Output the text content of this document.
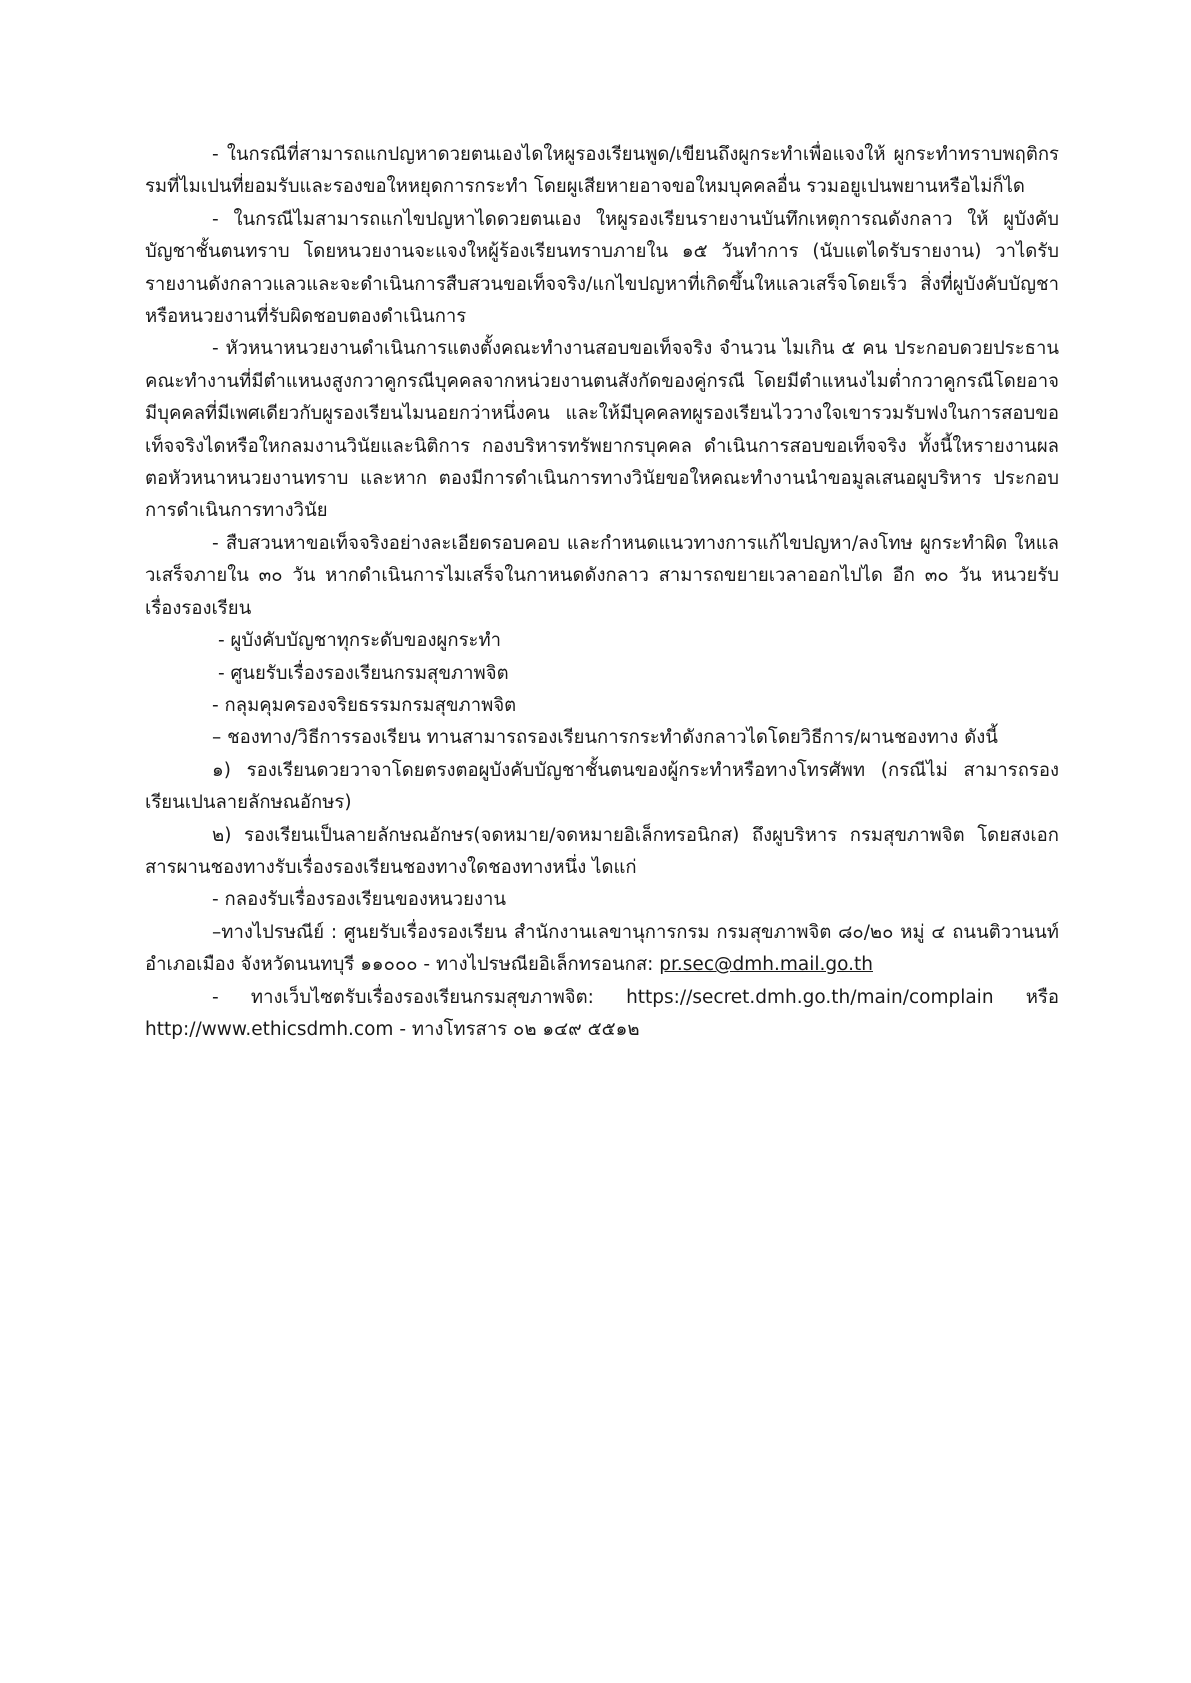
- ในกรณีที่สามารถแกปญหาดวยตนเองไดใหผูรองเรียนพูด/เขียนถึงผูกระทำเพื่อแจงให้ ผูกระทำทราบพฤติกรรมที่ไมเปนที่ยอมรับและรองขอใหหยุดการกระทำ โดยผูเสียหายอาจขอใหมบุคคลอื่น รวมอยูเปนพยานหรือไม่ก็ได

- ในกรณีไมสามารถแกไขปญหาไดดวยตนเอง ใหผูรองเรียนรายงานบันทึกเหตุการณดังกลาว ให้ ผูบังคับบัญชาชั้นตนทราบ โดยหนวยงานจะแจงใหผู้ร้องเรียนทราบภายใน ๑๕ วันทำการ (นับแตไดรับรายงาน) วาไดรับรายงานดังกลาวแลวและจะดำเนินการสืบสวนขอเท็จจริง/แกไขปญหาที่เกิดขึ้นใหแลวเสร็จโดยเร็ว สิ่งที่ผูบังคับบัญชาหรือหนวยงานที่รับผิดชอบตองดำเนินการ

- หัวหนาหนวยงานดำเนินการแตงตั้งคณะทำงานสอบขอเท็จจริง จำนวน ไมเกิน ๕ คน ประกอบดวยประธานคณะทำงานที่มีตำแหนงสูงกวาคูกรณีบุคคลจากหน่วยงานตนสังกัดของคู่กรณี โดยมีตำแหนงไมต่ำกวาคูกรณีโดยอาจมีบุคคลที่มีเพศเดียวกับผูรองเรียนไมนอยกว่าหนึ่งคน และให้มีบุคคลทผูรองเรียนไววางใจเขารวมรับฟงในการสอบขอเท็จจริงไดหรือใหกลมงานวินัยและนิติการ กองบริหารทรัพยากรบุคคล ดำเนินการสอบขอเท็จจริง ทั้งนี้ใหรายงานผลตอหัวหนาหนวยงานทราบ และหาก ตองมีการดำเนินการทางวินัยขอใหคณะทำงานนำขอมูลเสนอผูบริหาร ประกอบการดำเนินการทางวินัย

- สืบสวนหาขอเท็จจริงอย่างละเอียดรอบคอบ และกำหนดแนวทางการแก้ไขปญหา/ลงโทษ ผูกระทำผิด ใหแลวเสร็จภายใน ๓๐ วัน หากดำเนินการไมเสร็จในกาหนดดังกลาว สามารถขยายเวลาออกไปได อีก ๓๐ วัน หนวยรับเรื่องรองเรียน

- ผูบังคับบัญชาทุกระดับของผูกระทำ

- ศูนยรับเรื่องรองเรียนกรมสุขภาพจิต

- กลุมคุมครองจริยธรรมกรมสุขภาพจิต

– ชองทาง/วิธีการรองเรียน ทานสามารถรองเรียนการกระทำดังกลาวไดโดยวิธีการ/ผานชองทาง ดังนี้

๑) รองเรียนดวยวาจาโดยตรงตอผูบังคับบัญชาชั้นตนของผู้กระทำหรือทางโทรศัพท (กรณีไม่ สามารถรองเรียนเปนลายลักษณอักษร)

๒) รองเรียนเป็นลายลักษณอักษร(จดหมาย/จดหมายอิเล็กทรอนิกส) ถึงผูบริหาร กรมสุขภาพจิต โดยสงเอกสารผานชองทางรับเรื่องรองเรียนชองทางใดชองทางหนึ่ง ไดแก่

- กลองรับเรื่องรองเรียนของหนวยงาน

–ทางไปรษณีย์ : ศูนยรับเรื่องรองเรียน สำนักงานเลขานุการกรม กรมสุขภาพจิต ๘๐/๒๐ หมู่ ๔ ถนนติวานนท์ อำเภอเมือง จังหวัดนนทบุรี ๑๑๐๐๐ - ทางไปรษณียอิเล็กทรอนกส: pr.sec@dmh.mail.go.th

- ทางเว็บไซตรับเรื่องรองเรียนกรมสุขภาพจิต: https://secret.dmh.go.th/main/complain หรือ http://www.ethicsdmh.com - ทางโทรสาร ๐๒ ๑๔๙ ๕๕๑๒
